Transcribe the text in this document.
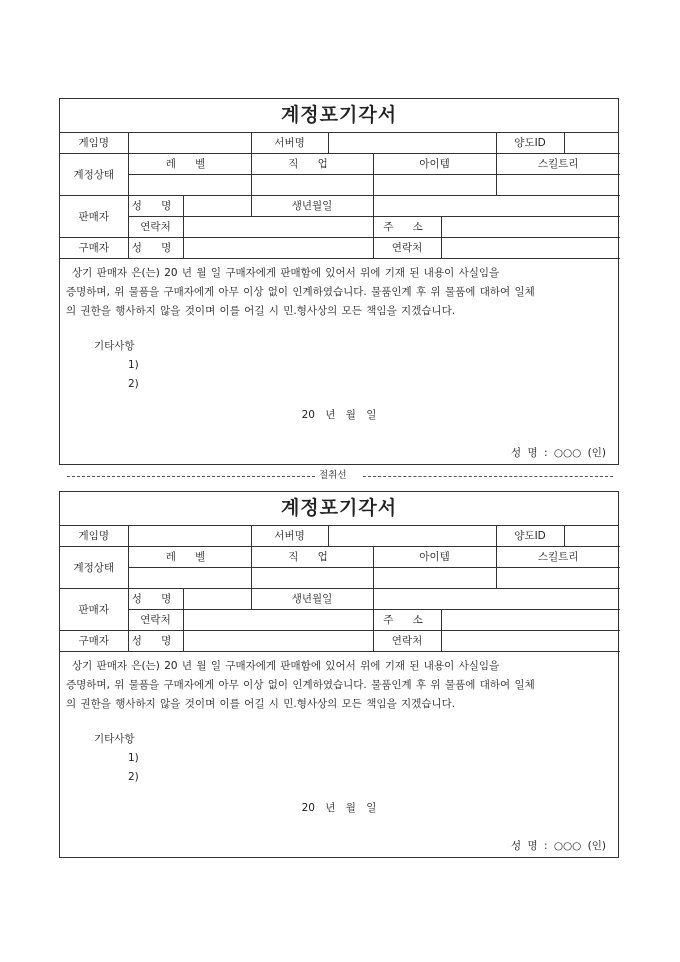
계정포기각서
게임명			서버명				양도ID	
계정상태	레 벨		직 업		아이템		스킬트리	

판매자	성 명		생년월일					
	연락처				주 소			
구매자	성 명				연락처			
상기 판매자 은(는) 20 년 월 일 구매자에게 판매함에 있어서 위에 기재 된 내용이 사실임을
증명하며, 위 물품을 구매자에게 아무 이상 없이 인계하였습니다. 물품인계 후 위 물품에 대하여 일체
의 권한을 행사하지 않을 것이며 이를 어길 시 민.형사상의 모든 책임을 지겠습니다.
기타사항
1)
2)
20 년 월 일
성 명 : ○○○ (인)
절취선
계정포기각서
게임명			서버명				양도ID	
계정상태	레 벨		직 업		아이템		스킬트리	

판매자	성 명		생년월일					
	연락처				주 소			
구매자	성 명				연락처			
상기 판매자 은(는) 20 년 월 일 구매자에게 판매함에 있어서 위에 기재 된 내용이 사실임을
증명하며, 위 물품을 구매자에게 아무 이상 없이 인계하였습니다. 물품인계 후 위 물품에 대하여 일체
의 권한을 행사하지 않을 것이며 이를 어길 시 민.형사상의 모든 책임을 지겠습니다.
기타사항
1)
2)
20 년 월 일
성 명 : ○○○ (인)
